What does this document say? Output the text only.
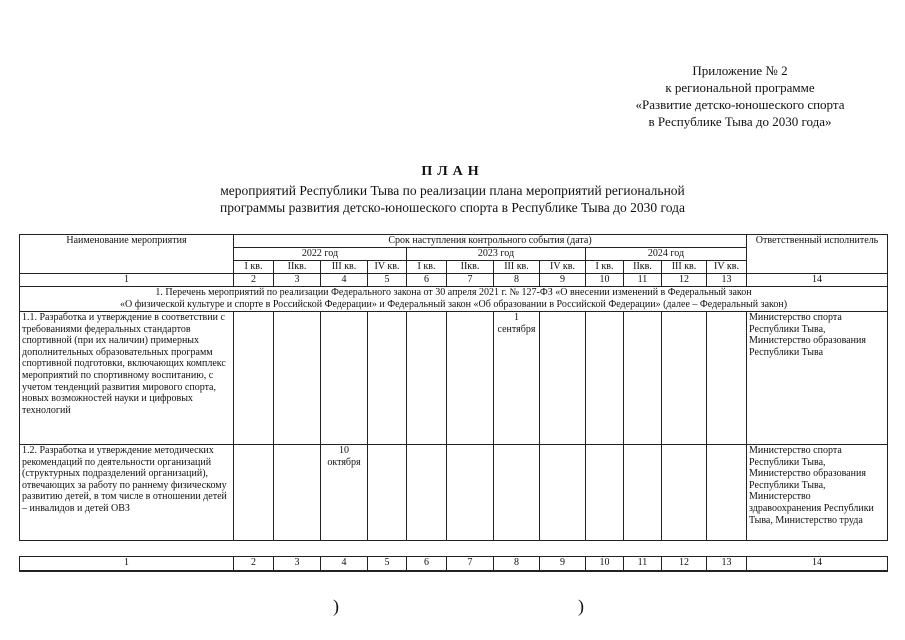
Приложение № 2
к региональной программе
«Развитие детско-юношеского спорта
в Республике Тыва до 2030 года»
ПЛАН
мероприятий Республики Тыва по реализации плана мероприятий региональной
программы развития детско-юношеского спорта в Республике Тыва до 2030 года
Наименование мероприятия	Срок наступления контрольного события (дата)												Ответственный исполнитель
	2022 год				2023 год				2024 год				
	I кв.	IIкв.	III кв.	IV кв.	I кв.	IIкв.	III кв.	IV кв.	I кв.	IIкв.	III кв.	IV кв.	
1	2	3	4	5	6	7	8	9	10	11	12	13	14

1. Перечень мероприятий по реализации Федерального закона от 30 апреля 2021 г. № 127-ФЗ «О внесении изменений в Федеральный закон
«О физической культуре и спорте в Российской Федерации» и Федеральный закон «Об образовании в Российской Федерации» (далее – Федеральный закон)													

1.1. Разработка и утверждение в соответствии с требованиями федеральных стандартов спортивной (при их наличии) примерных дополнительных образовательных программ спортивной подготовки, включающих комплекс мероприятий по спортивному воспитанию, с учетом тенденций развития мирового спорта, новых возможностей науки и цифровых технологий							1 сентября						Министерство спорта Республики Тыва, Министерство образования Республики Тыва
1.2. Разработка и утверждение методических рекомендаций по деятельности организаций (структурных подразделений организаций), отвечающих за работу по раннему физическому развитию детей, в том числе в отношении детей – инвалидов и детей ОВЗ			10 октября										Министерство спорта Республики Тыва, Министерство образования Республики Тыва, Министерство здравоохранения Республики Тыва, Министерство труда
1	2	3	4	5	6	7	8	9	10	11	12	13	14
)	)
